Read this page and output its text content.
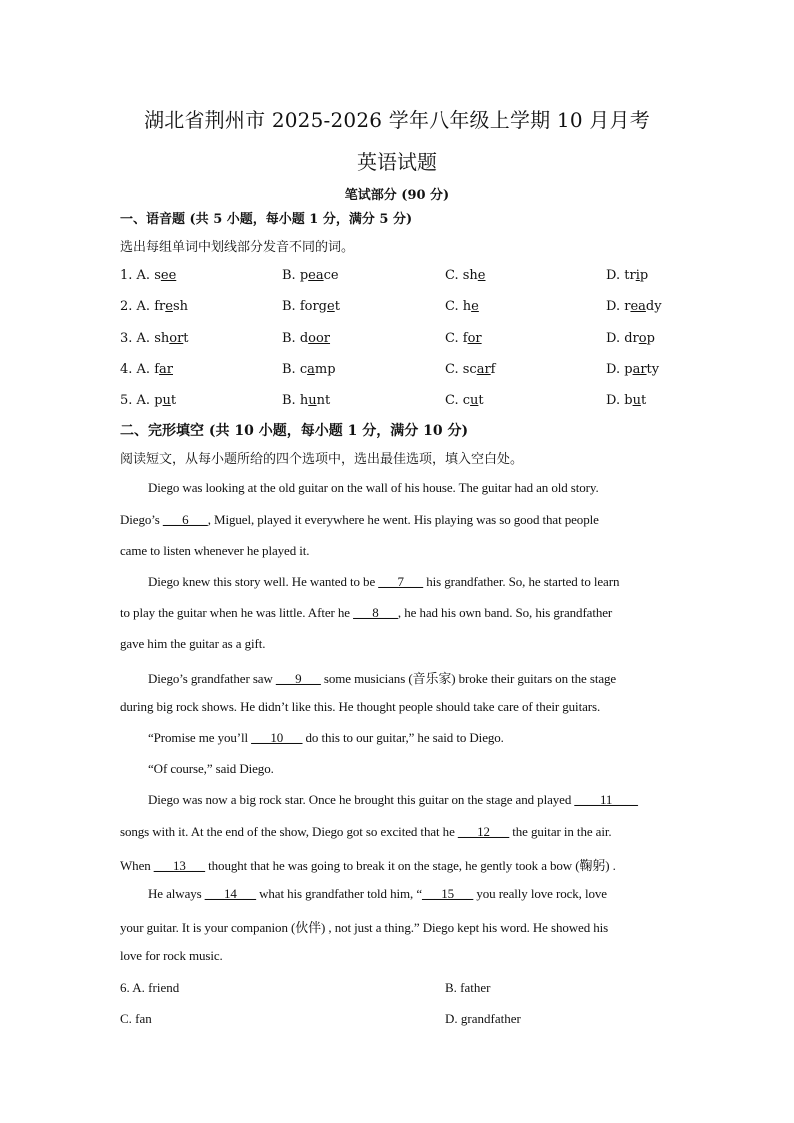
湖北省荆州市 2025-2026 学年八年级上学期 10 月月考
英语试题
笔试部分 (90 分)
一、语音题 (共 5 小题，每小题 1 分，满分 5 分)
选出每组单词中划线部分发音不同的词。
1. A. see	B. peace	C. she	D. trip
2. A. fresh	B. forget	C. he	D. ready
3. A. short	B. door	C. for	D. drop
4. A. far	B. camp	C. scarf	D. party
5. A. put	B. hunt	C. cut	D. but
二、完形填空 (共 10 小题，每小题 1 分，满分 10 分)
阅读短文，从每小题所给的四个选项中，选出最佳选项，填入空白处。
Diego was looking at the old guitar on the wall of his house. The guitar had an old story.
Diego’s ___6___, Miguel, played it everywhere he went. His playing was so good that people
came to listen whenever he played it.
Diego knew this story well. He wanted to be ___7___ his grandfather. So, he started to learn
to play the guitar when he was little. After he ___8___, he had his own band. So, his grandfather
gave him the guitar as a gift.
Diego’s grandfather saw ___9___ some musicians (音乐家) broke their guitars on the stage
during big rock shows. He didn’t like this. He thought people should take care of their guitars.
“Promise me you’ll ___10___ do this to our guitar,” he said to Diego.
“Of course,” said Diego.
Diego was now a big rock star. Once he brought this guitar on the stage and played ____11____
songs with it. At the end of the show, Diego got so excited that he ___12___ the guitar in the air.
When ___13___ thought that he was going to break it on the stage, he gently took a bow (鞠躬) .
He always ___14___ what his grandfather told him, “___15___ you really love rock, love
your guitar. It is your companion (伙伴) , not just a thing.” Diego kept his word. He showed his
love for rock music.
6. A. friend	B. father
C. fan	D. grandfather
